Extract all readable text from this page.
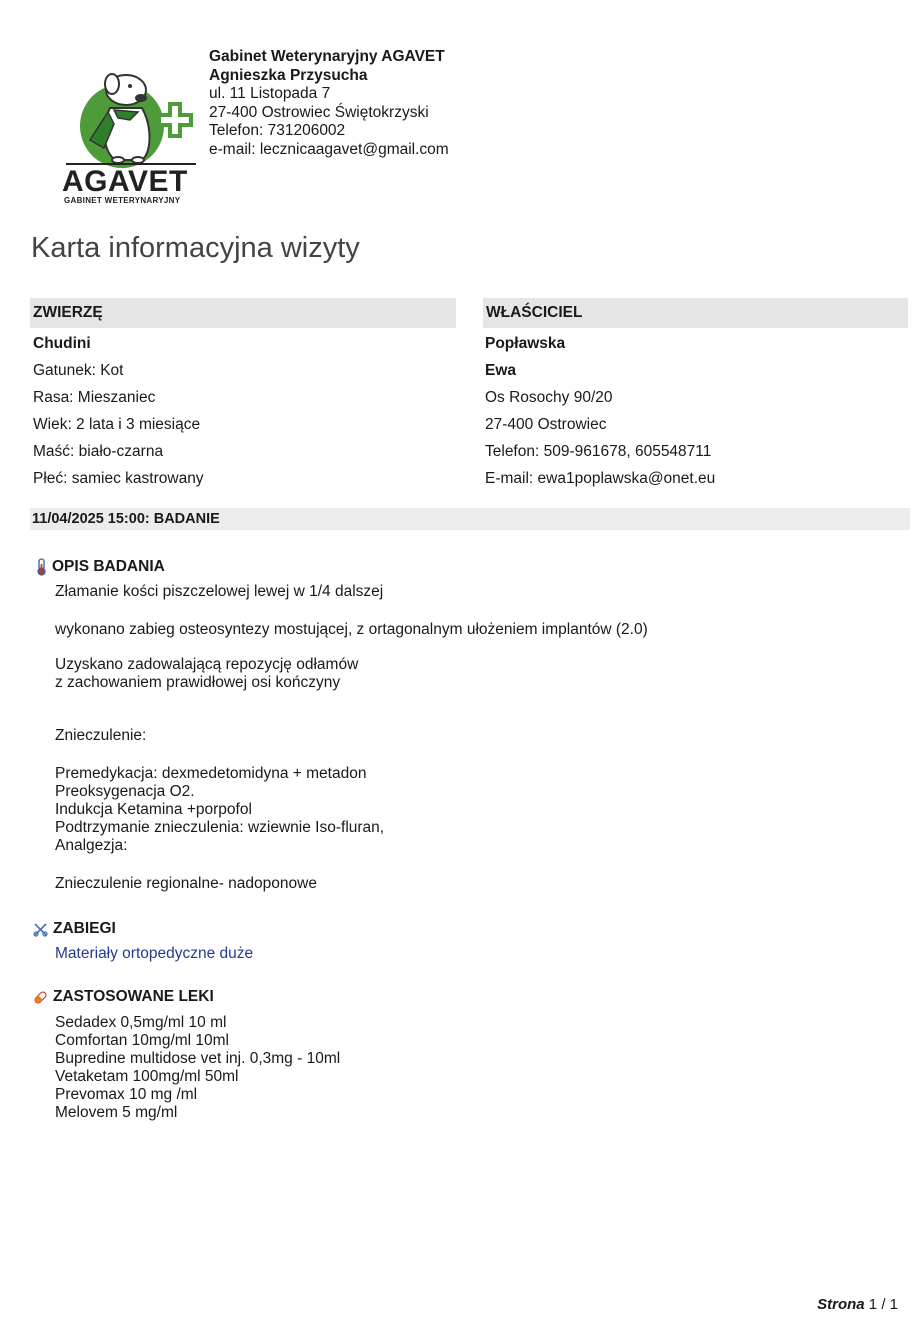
AGAVET
GABINET WETERYNARYJNY
Gabinet Weterynaryjny AGAVET
Agnieszka Przysucha
ul. 11 Listopada 7
27-400 Ostrowiec Świętokrzyski
Telefon: 731206002
e-mail: lecznicaagavet@gmail.com
Karta informacyjna wizyty
ZWIERZĘ
Chudini
Gatunek: Kot
Rasa: Mieszaniec
Wiek: 2 lata i 3 miesiące
Maść: biało-czarna
Płeć: samiec kastrowany
WŁAŚCICIEL
Popławska
Ewa
Os Rosochy 90/20
27-400 Ostrowiec
Telefon: 509-961678, 605548711
E-mail: ewa1poplawska@onet.eu
11/04/2025 15:00: BADANIE
OPIS BADANIA

Złamanie kości piszczelowej lewej w 1/4 dalszej

wykonano zabieg osteosyntezy mostującej, z ortagonalnym ułożeniem implantów (2.0)

Uzyskano zadowalającą repozycję odłamów

z zachowaniem prawidłowej osi kończyny

Znieczulenie:

Premedykacja: dexmedetomidyna + metadon

Preoksygenacja O2.

Indukcja Ketamina +porpofol

Podtrzymanie znieczulenia: wziewnie Iso-fluran,

Analgezja:

Znieczulenie regionalne- nadoponowe

ZABIEGI

Materiały ortopedyczne duże

ZASTOSOWANE LEKI

Sedadex 0,5mg/ml 10 ml

Comfortan 10mg/ml 10ml

Bupredine multidose vet inj. 0,3mg - 10ml

Vetaketam 100mg/ml 50ml

Prevomax 10 mg /ml

Melovem 5 mg/ml

Strona 1 / 1
